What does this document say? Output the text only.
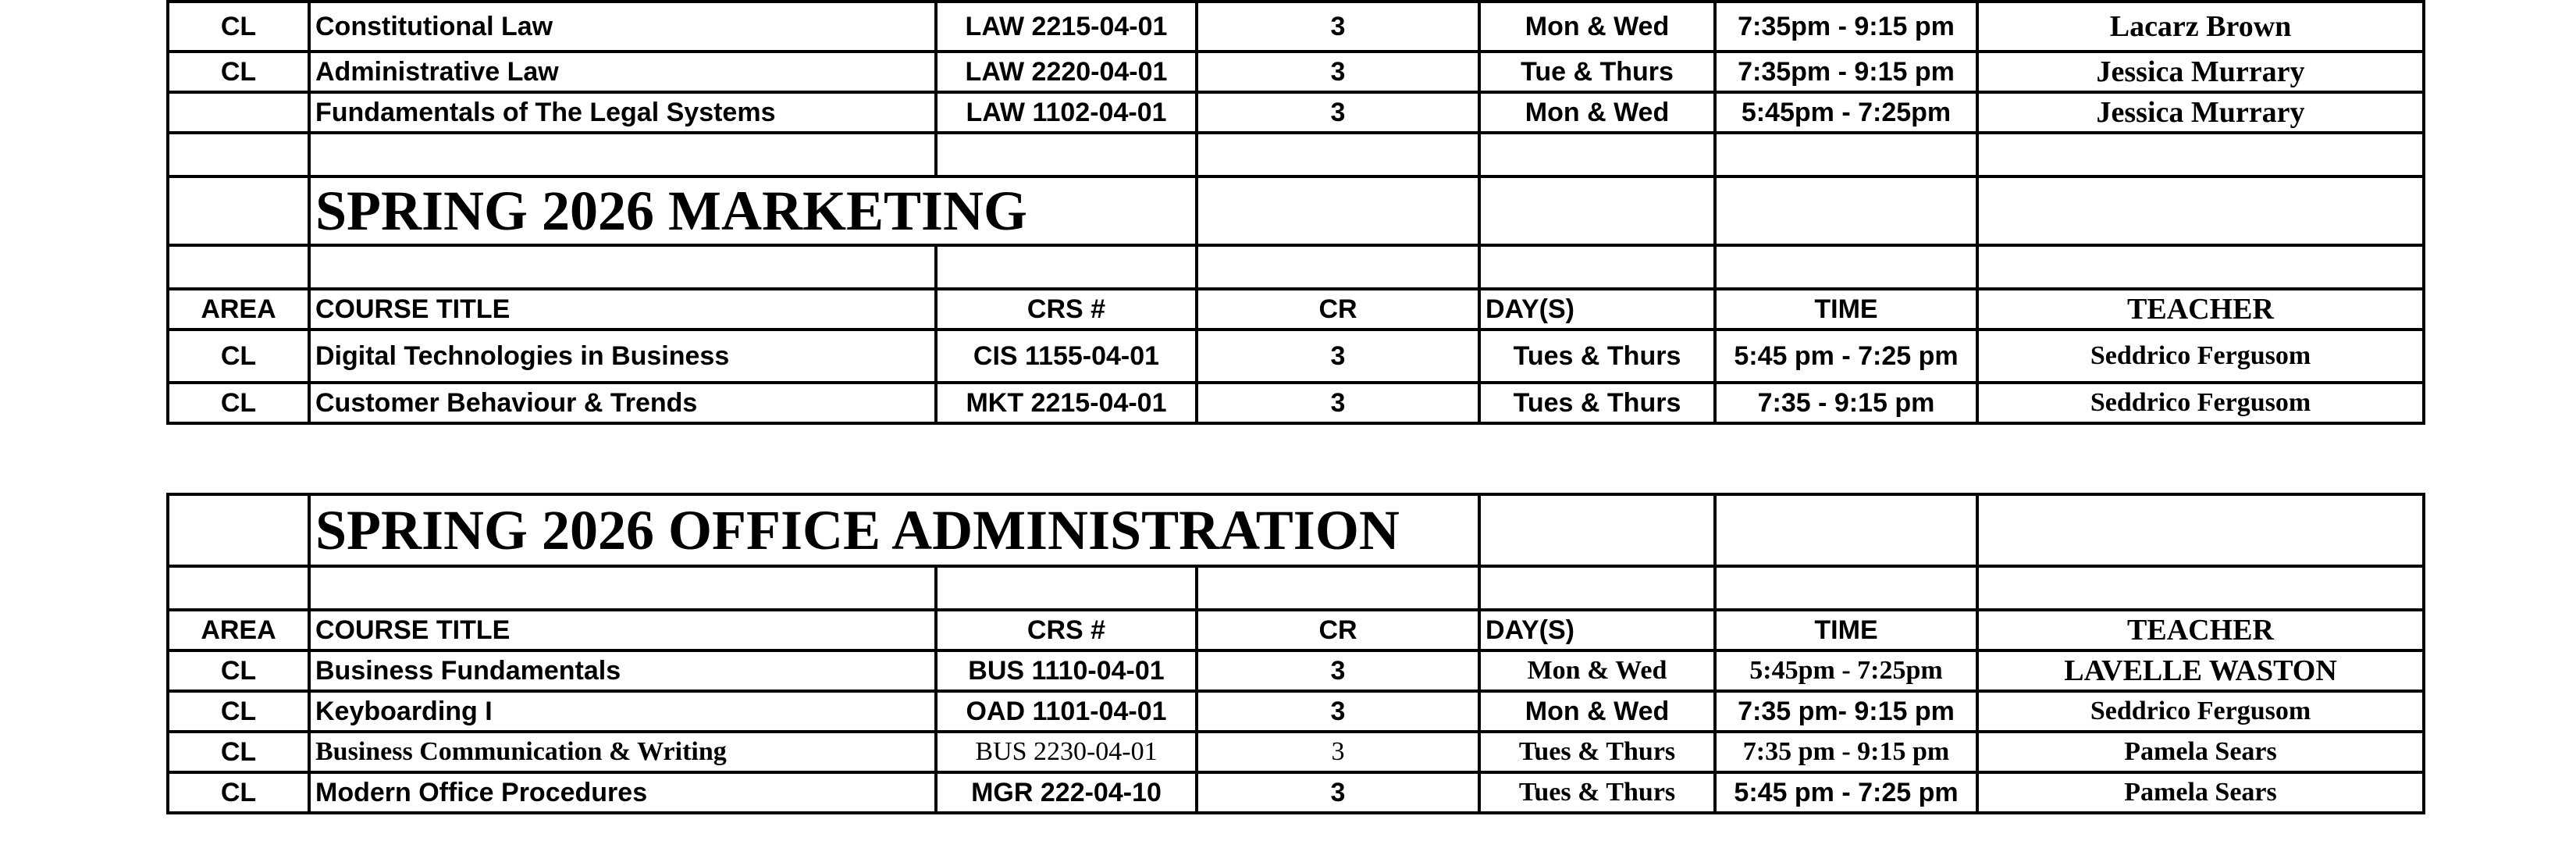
CL	Constitutional Law	LAW 2215-04-01	3	Mon & Wed	7:35pm - 9:15 pm	Lacarz Brown
CL	Administrative Law	LAW 2220-04-01	3	Tue & Thurs	7:35pm - 9:15 pm	Jessica Murrary
	Fundamentals of The Legal Systems	LAW 1102-04-01	3	Mon & Wed	5:45pm - 7:25pm	Jessica Murrary

	SPRING 2026 MARKETING					

AREA	COURSE TITLE	CRS #	CR	DAY(S)	TIME	TEACHER
CL	Digital Technologies in Business	CIS 1155-04-01	3	Tues & Thurs	5:45 pm - 7:25 pm	Seddrico Fergusom
CL	Customer Behaviour & Trends	MKT 2215-04-01	3	Tues & Thurs	7:35 - 9:15 pm	Seddrico Fergusom
	SPRING 2026 OFFICE ADMINISTRATION					

AREA	COURSE TITLE	CRS #	CR	DAY(S)	TIME	TEACHER
CL	Business Fundamentals	BUS 1110-04-01	3	Mon & Wed	5:45pm - 7:25pm	LAVELLE WASTON
CL	Keyboarding I	OAD 1101-04-01	3	Mon & Wed	7:35 pm- 9:15 pm	Seddrico Fergusom
CL	Business Communication & Writing	BUS 2230-04-01	3	Tues & Thurs	7:35 pm - 9:15 pm	Pamela Sears
CL	Modern Office Procedures	MGR 222-04-10	3	Tues & Thurs	5:45 pm - 7:25 pm	Pamela Sears
